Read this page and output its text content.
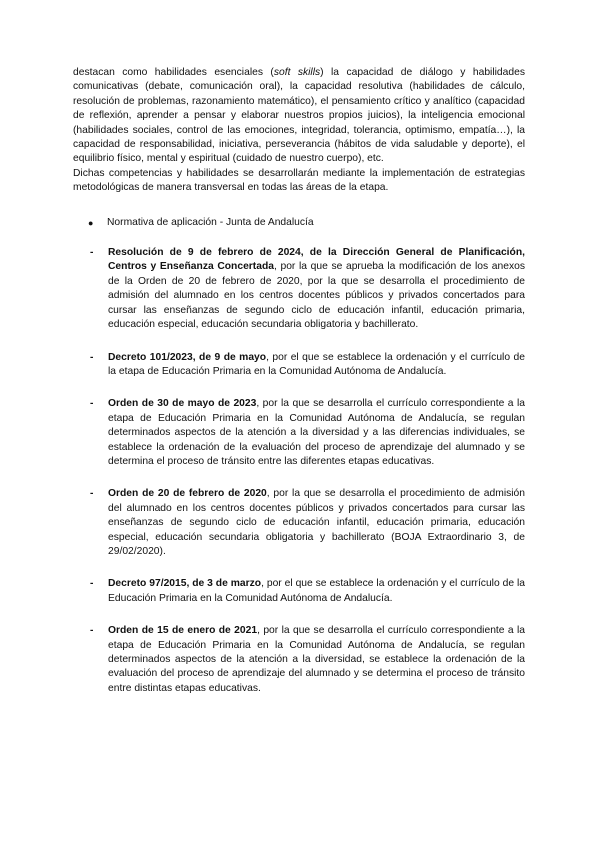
destacan como habilidades esenciales (soft skills) la capacidad de diálogo y habilidades comunicativas (debate, comunicación oral), la capacidad resolutiva (habilidades de cálculo, resolución de problemas, razonamiento matemático), el pensamiento crítico y analítico (capacidad de reflexión, aprender a pensar y elaborar nuestros propios juicios), la inteligencia emocional (habilidades sociales, control de las emociones, integridad, tolerancia, optimismo, empatía…), la capacidad de responsabilidad, iniciativa, perseverancia (hábitos de vida saludable y deporte), el equilibrio físico, mental y espiritual (cuidado de nuestro cuerpo), etc.

Dichas competencias y habilidades se desarrollarán mediante la implementación de estrategias metodológicas de manera transversal en todas las áreas de la etapa.

● Normativa de aplicación - Junta de Andalucía

- Resolución de 9 de febrero de 2024, de la Dirección General de Planificación, Centros y Enseñanza Concertada, por la que se aprueba la modificación de los anexos de la Orden de 20 de febrero de 2020, por la que se desarrolla el procedimiento de admisión del alumnado en los centros docentes públicos y privados concertados para cursar las enseñanzas de segundo ciclo de educación infantil, educación primaria, educación especial, educación secundaria obligatoria y bachillerato.

- Decreto 101/2023, de 9 de mayo, por el que se establece la ordenación y el currículo de la etapa de Educación Primaria en la Comunidad Autónoma de Andalucía.

- Orden de 30 de mayo de 2023, por la que se desarrolla el currículo correspondiente a la etapa de Educación Primaria en la Comunidad Autónoma de Andalucía, se regulan determinados aspectos de la atención a la diversidad y a las diferencias individuales, se establece la ordenación de la evaluación del proceso de aprendizaje del alumnado y se determina el proceso de tránsito entre las diferentes etapas educativas.

- Orden de 20 de febrero de 2020, por la que se desarrolla el procedimiento de admisión del alumnado en los centros docentes públicos y privados concertados para cursar las enseñanzas de segundo ciclo de educación infantil, educación primaria, educación especial, educación secundaria obligatoria y bachillerato (BOJA Extraordinario 3, de 29/02/2020).

- Decreto 97/2015, de 3 de marzo, por el que se establece la ordenación y el currículo de la Educación Primaria en la Comunidad Autónoma de Andalucía.

- Orden de 15 de enero de 2021, por la que se desarrolla el currículo correspondiente a la etapa de Educación Primaria en la Comunidad Autónoma de Andalucía, se regulan determinados aspectos de la atención a la diversidad, se establece la ordenación de la evaluación del proceso de aprendizaje del alumnado y se determina el proceso de tránsito entre distintas etapas educativas.
